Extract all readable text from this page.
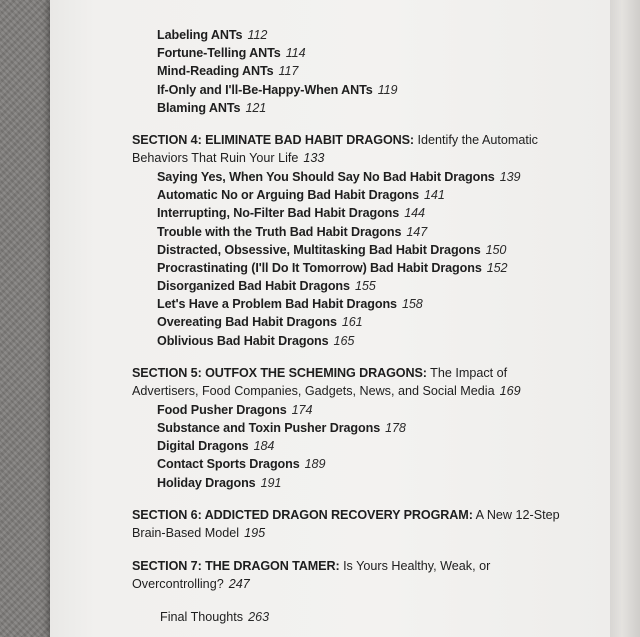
Labeling ANTs 112
Fortune-Telling ANTs 114
Mind-Reading ANTs 117
If-Only and I'll-Be-Happy-When ANTs 119
Blaming ANTs 121
SECTION 4: ELIMINATE BAD HABIT DRAGONS: Identify the Automatic
Behaviors That Ruin Your Life 133
Saying Yes, When You Should Say No Bad Habit Dragons 139
Automatic No or Arguing Bad Habit Dragons 141
Interrupting, No-Filter Bad Habit Dragons 144
Trouble with the Truth Bad Habit Dragons 147
Distracted, Obsessive, Multitasking Bad Habit Dragons 150
Procrastinating (I'll Do It Tomorrow) Bad Habit Dragons 152
Disorganized Bad Habit Dragons 155
Let's Have a Problem Bad Habit Dragons 158
Overeating Bad Habit Dragons 161
Oblivious Bad Habit Dragons 165
SECTION 5: OUTFOX THE SCHEMING DRAGONS: The Impact of
Advertisers, Food Companies, Gadgets, News, and Social Media 169
Food Pusher Dragons 174
Substance and Toxin Pusher Dragons 178
Digital Dragons 184
Contact Sports Dragons 189
Holiday Dragons 191
SECTION 6: ADDICTED DRAGON RECOVERY PROGRAM: A New 12-Step
Brain-Based Model 195
SECTION 7: THE DRAGON TAMER: Is Yours Healthy, Weak, or
Overcontrolling? 247
Final Thoughts 263
